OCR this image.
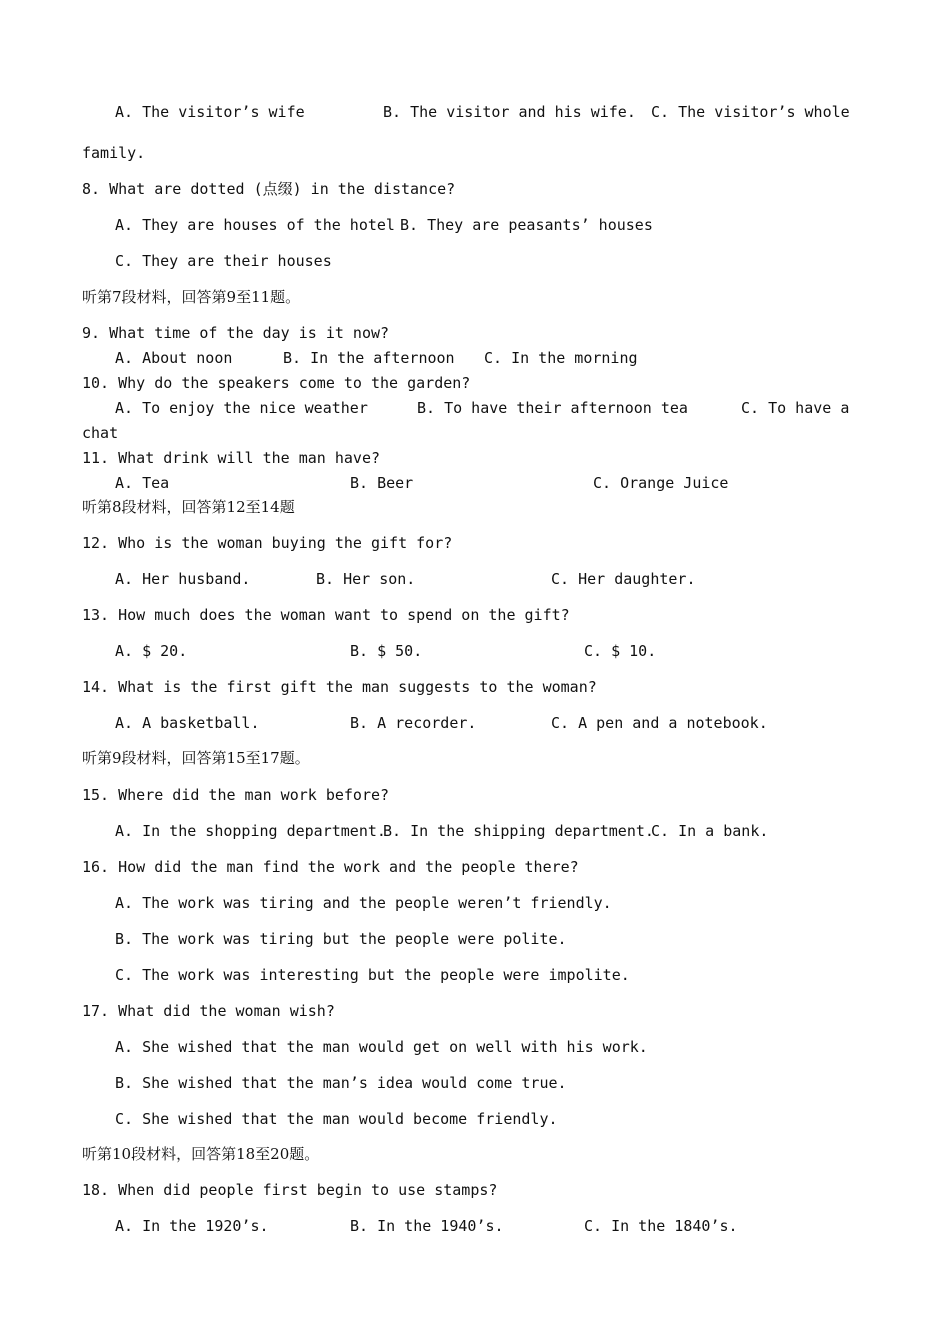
A. The visitor’s wife	B. The visitor and his wife. C. The visitor’s whole
family.
8. What are dotted (点缀) in the distance?
A. They are houses of the hotel B. They are peasants’ houses
C. They are their houses
听第7段材料，回答第9至11题。
9. What time of the day is it now?
A. About noon	B. In the afternoon C. In the morning
10. Why do the speakers come to the garden?
A. To enjoy the nice weather	B. To have their afternoon tea	C. To have a
chat
11. What drink will the man have?
A. Tea	B. Beer	C. Orange Juice
听第8段材料，回答第12至14题
12. Who is the woman buying the gift for?
A. Her husband.	B. Her son.	C. Her daughter.
13. How much does the woman want to spend on the gift?
A. $ 20.	B. $ 50.	C. $ 10.
14. What is the first gift the man suggests to the woman?
A. A basketball.	B. A recorder.	C. A pen and a notebook.
听第9段材料，回答第15至17题。
15. Where did the man work before?
A. In the shopping department.
B. In the shipping department.
C. In a bank.
16. How did the man find the work and the people there?
A. The work was tiring and the people weren’t friendly.
B. The work was tiring but the people were polite.
C. The work was interesting but the people were impolite.
17. What did the woman wish?
A. She wished that the man would get on well with his work.
B. She wished that the man’s idea would come true.
C. She wished that the man would become friendly.
听第10段材料，回答第18至20题。
18. When did people first begin to use stamps?
A. In the 1920’s.	B. In the 1940’s.	C. In the 1840’s.
